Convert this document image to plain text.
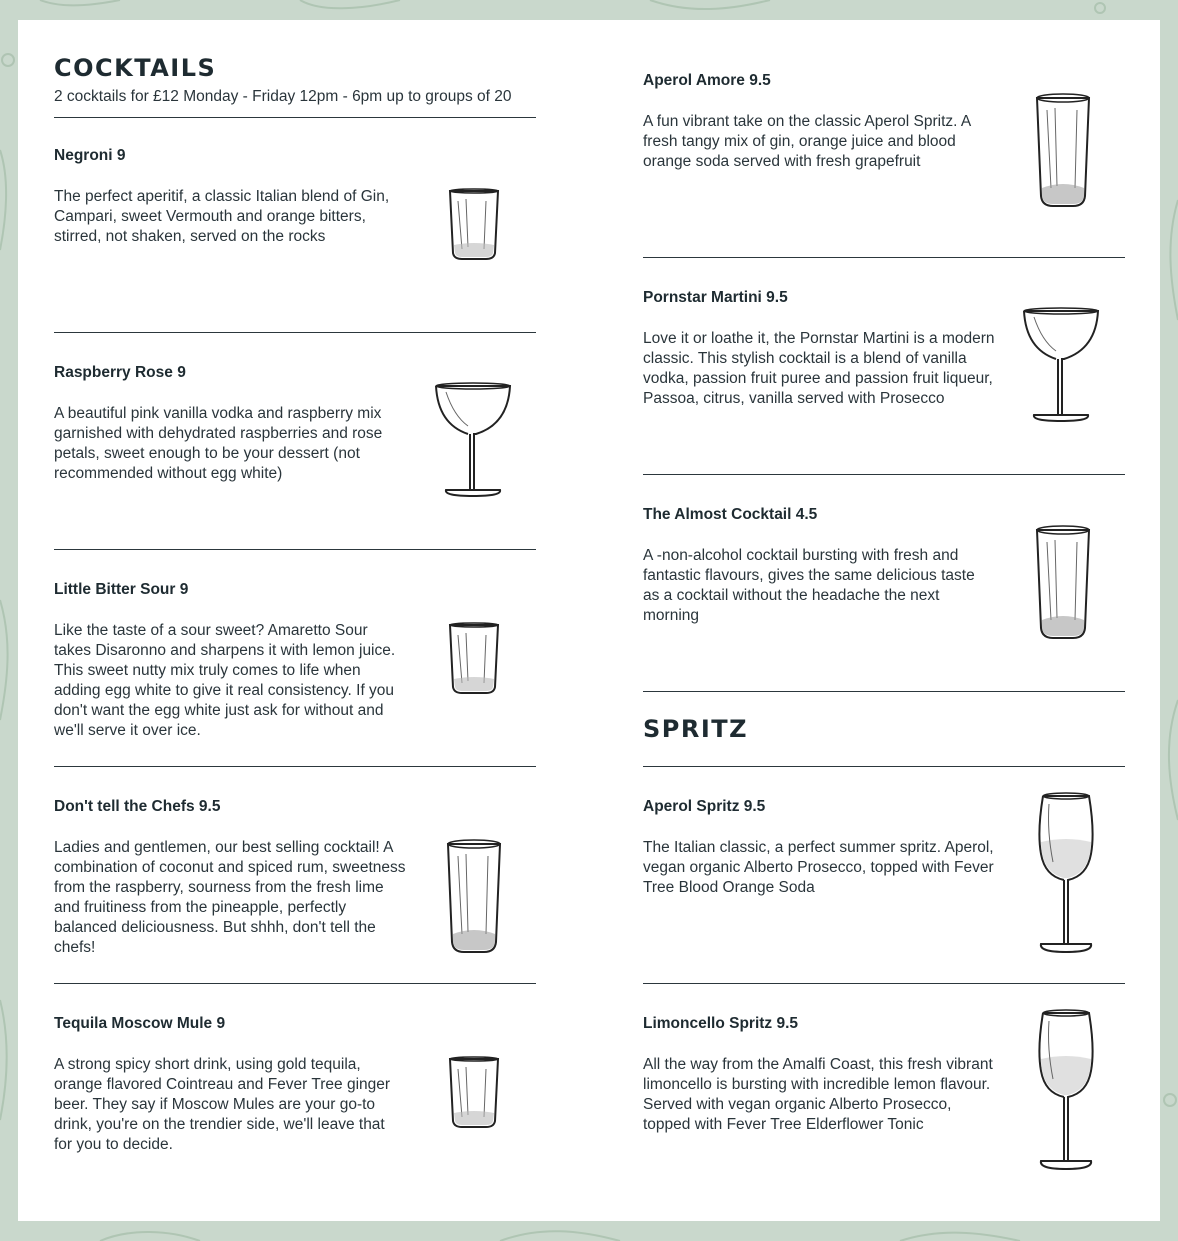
COCKTAILS

2 cocktails for £12 Monday - Friday 12pm - 6pm up to groups of 20

Negroni 9

The perfect aperitif, a classic Italian blend of Gin, Campari, sweet Vermouth and orange bitters, stirred, not shaken, served on the rocks

Raspberry Rose 9

A beautiful pink vanilla vodka and raspberry mix garnished with dehydrated raspberries and rose petals, sweet enough to be your dessert (not recommended without egg white)

Little Bitter Sour 9

Like the taste of a sour sweet? Amaretto Sour takes Disaronno and sharpens it with lemon juice. This sweet nutty mix truly comes to life when adding egg white to give it real consistency. If you don't want the egg white just ask for without and we'll serve it over ice.

Don't tell the Chefs 9.5

Ladies and gentlemen, our best selling cocktail! A combination of coconut and spiced rum, sweetness from the raspberry, sourness from the fresh lime and fruitiness from the pineapple, perfectly balanced deliciousness. But shhh, don't tell the chefs!

Tequila Moscow Mule 9

A strong spicy short drink, using gold tequila, orange flavored Cointreau and Fever Tree ginger beer. They say if Moscow Mules are your go-to drink, you're on the trendier side, we'll leave that for you to decide.

Aperol Amore 9.5

A fun vibrant take on the classic Aperol Spritz. A fresh tangy mix of gin, orange juice and blood orange soda served with fresh grapefruit

Pornstar Martini 9.5

Love it or loathe it, the Pornstar Martini is a modern classic. This stylish cocktail is a blend of vanilla vodka, passion fruit puree and passion fruit liqueur, Passoa, citrus, vanilla served with Prosecco

The Almost Cocktail 4.5

A -non-alcohol cocktail bursting with fresh and fantastic flavours, gives the same delicious taste as a cocktail without the headache the next morning

SPRITZ

Aperol Spritz 9.5

The Italian classic, a perfect summer spritz. Aperol, vegan organic Alberto Prosecco, topped with Fever Tree Blood Orange Soda

Limoncello Spritz 9.5

All the way from the Amalfi Coast, this fresh vibrant limoncello is bursting with incredible lemon flavour. Served with vegan organic Alberto Prosecco, topped with Fever Tree Elderflower Tonic
